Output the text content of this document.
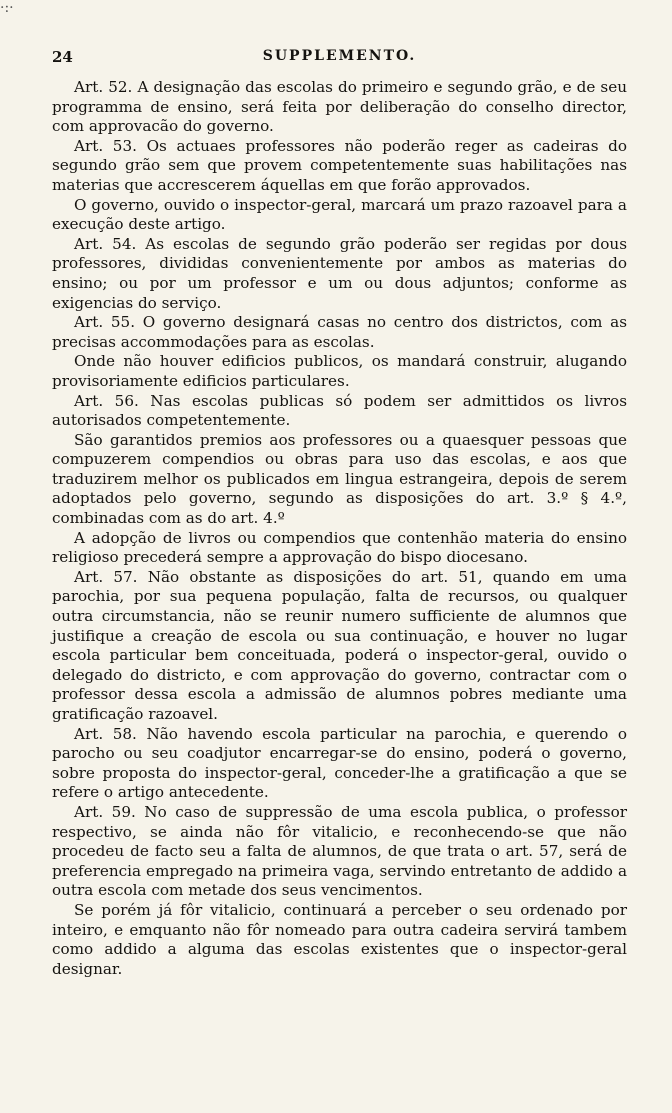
·:·
24	SUPPLEMENTO.

Art. 52. A designação das escolas do primeiro e segundo grão, e de seu programma de ensino, será feita por deliberação do conselho director, com approvacão do governo.

Art. 53. Os actuaes professores não poderão reger as cadeiras do segundo grão sem que provem competentemente suas habilitações nas materias que accrescerem áquellas em que forão approvados.

O governo, ouvido o inspector-geral, marcará um prazo razoavel para a execução deste artigo.

Art. 54. As escolas de segundo grão poderão ser regidas por dous professores, divididas convenientemente por ambos as materias do ensino; ou por um professor e um ou dous adjuntos; conforme as exigencias do serviço.

Art. 55. O governo designará casas no centro dos districtos, com as precisas accommodações para as escolas.

Onde não houver edificios publicos, os mandará construir, alugando provisoriamente edificios particulares.

Art. 56. Nas escolas publicas só podem ser admittidos os livros autorisados competentemente.

São garantidos premios aos professores ou a quaesquer pessoas que compuzerem compendios ou obras para uso das escolas, e aos que traduzirem melhor os publicados em lingua estrangeira, depois de serem adoptados pelo governo, segundo as disposições do art. 3.º § 4.º, combinadas com as do art. 4.º

A adopção de livros ou compendios que contenhão materia do ensino religioso precederá sempre a approvação do bispo diocesano.

Art. 57. Não obstante as disposições do art. 51, quando em uma parochia, por sua pequena população, falta de recursos, ou qualquer outra circumstancia, não se reunir numero sufficiente de alumnos que justifique a creação de escola ou sua continuação, e houver no lugar escola particular bem conceituada, poderá o inspector-geral, ouvido o delegado do districto, e com approvação do governo, contractar com o professor dessa escola a admissão de alumnos pobres mediante uma gratificação razoavel.

Art. 58. Não havendo escola particular na parochia, e querendo o parocho ou seu coadjutor encarregar-se do ensino, poderá o governo, sobre proposta do inspector-geral, conceder-lhe a gratificação a que se refere o artigo antecedente.

Art. 59. No caso de suppressão de uma escola publica, o professor respectivo, se ainda não fôr vitalicio, e reconhecendo-se que não procedeu de facto seu a falta de alumnos, de que trata o art. 57, será de preferencia empregado na primeira vaga, servindo entretanto de addido a outra escola com metade dos seus vencimentos.

Se porém já fôr vitalicio, continuará a perceber o seu ordenado por inteiro, e emquanto não fôr nomeado para outra cadeira servirá tambem como addido a alguma das escolas existentes que o inspector-geral designar.
